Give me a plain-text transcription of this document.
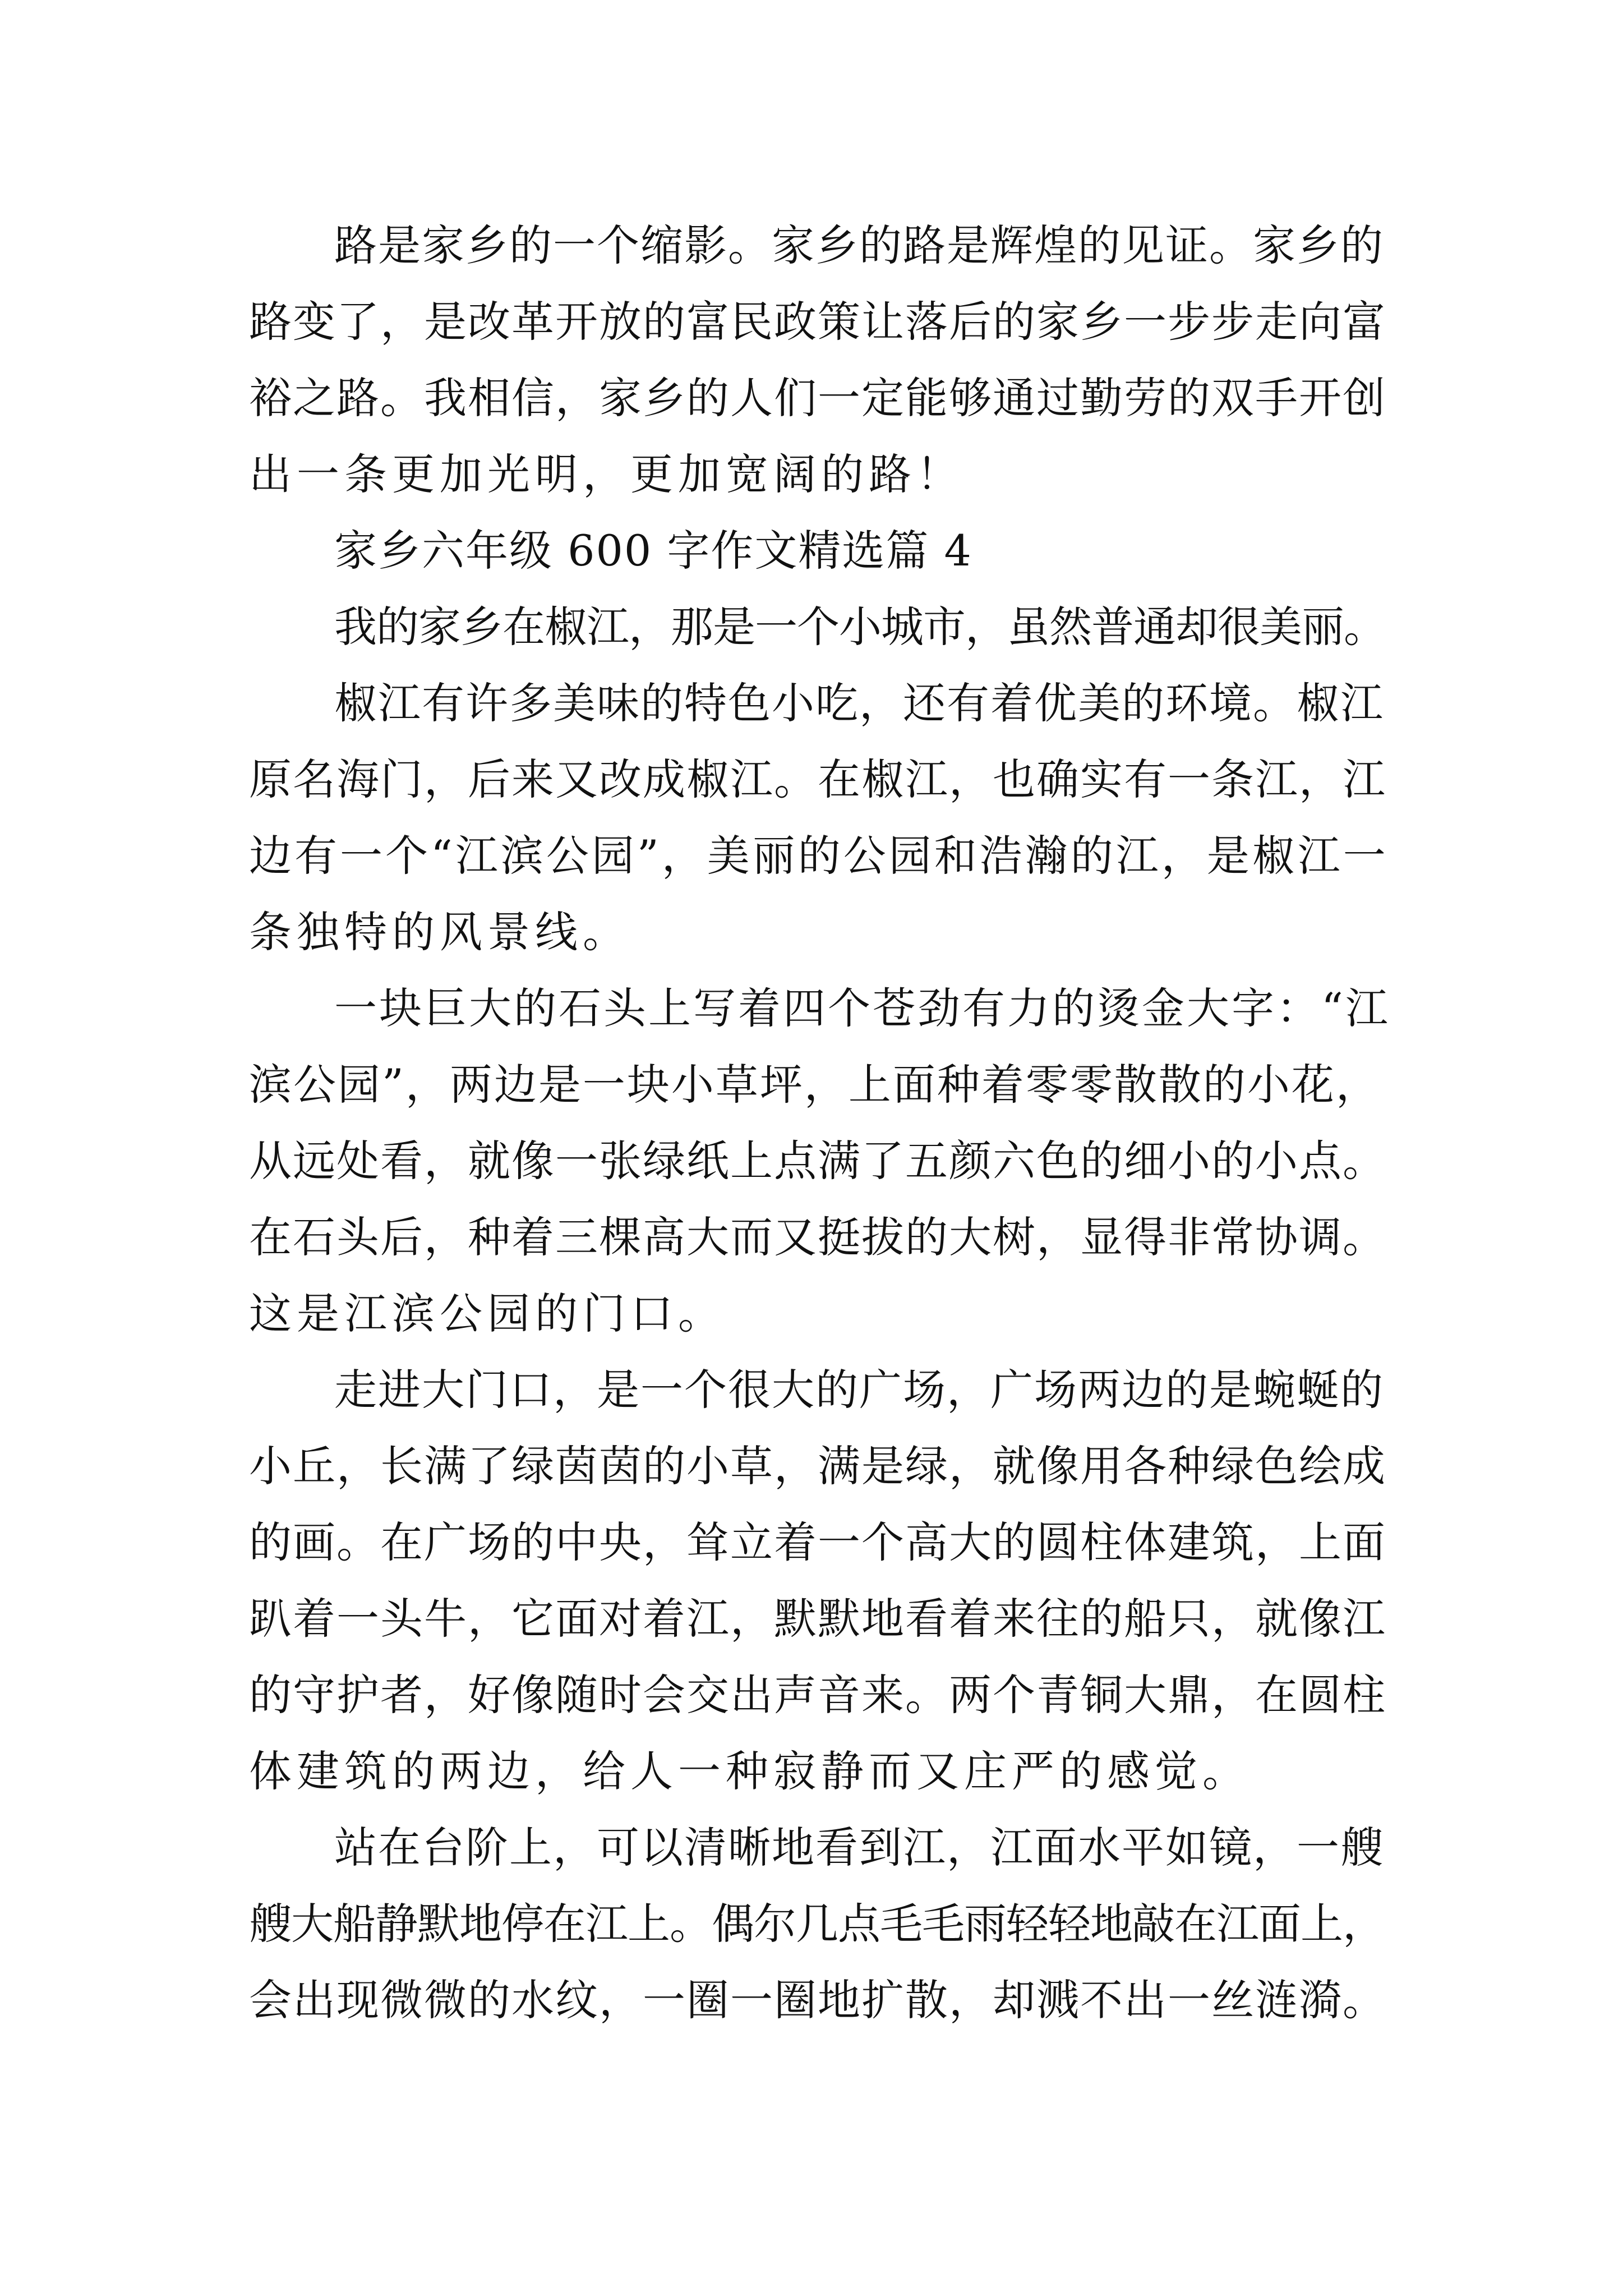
路是家乡的一个缩影。家乡的路是辉煌的见证。家乡的
路变了，是改革开放的富民政策让落后的家乡一步步走向富
裕之路。我相信，家乡的人们一定能够通过勤劳的双手开创
出一条更加光明，更加宽阔的路！
家乡六年级 600 字作文精选篇 4
我的家乡在椒江，那是一个小城市，虽然普通却很美丽。
椒江有许多美味的特色小吃，还有着优美的环境。椒江
原名海门，后来又改成椒江。在椒江，也确实有一条江，江
边有一个“江滨公园”，美丽的公园和浩瀚的江，是椒江一
条独特的风景线。
一块巨大的石头上写着四个苍劲有力的烫金大字：“江
滨公园”，两边是一块小草坪，上面种着零零散散的小花，
从远处看，就像一张绿纸上点满了五颜六色的细小的小点。
在石头后，种着三棵高大而又挺拔的大树，显得非常协调。
这是江滨公园的门口。
走进大门口，是一个很大的广场，广场两边的是蜿蜒的
小丘，长满了绿茵茵的小草，满是绿，就像用各种绿色绘成
的画。在广场的中央，耸立着一个高大的圆柱体建筑，上面
趴着一头牛，它面对着江，默默地看着来往的船只，就像江
的守护者，好像随时会交出声音来。两个青铜大鼎，在圆柱
体建筑的两边，给人一种寂静而又庄严的感觉。
站在台阶上，可以清晰地看到江，江面水平如镜，一艘
艘大船静默地停在江上。偶尔几点毛毛雨轻轻地敲在江面上，
会出现微微的水纹，一圈一圈地扩散，却溅不出一丝涟漪。
